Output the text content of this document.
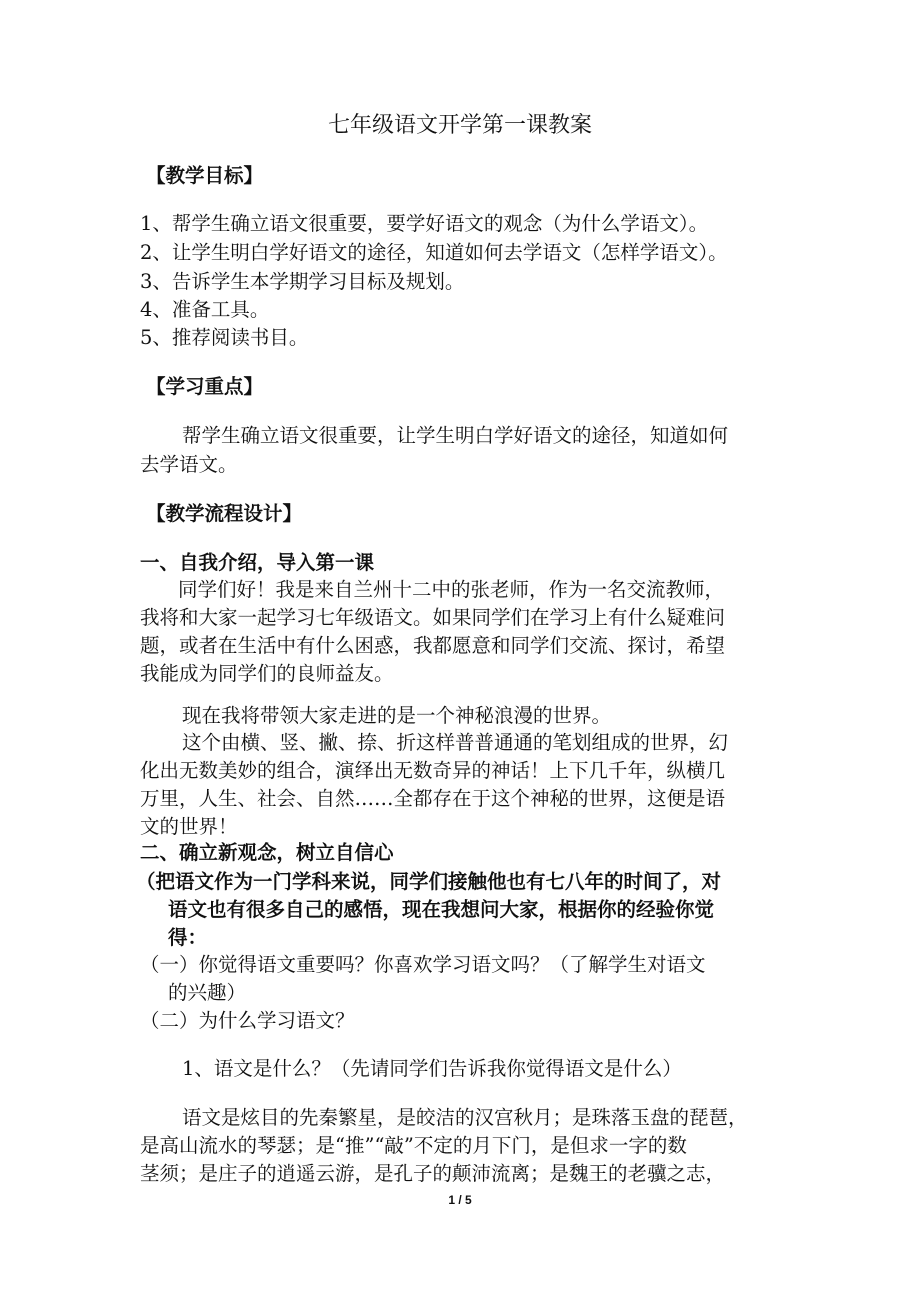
七年级语文开学第一课教案
【教学目标】
1、帮学生确立语文很重要，要学好语文的观念（为什么学语文）。
2、让学生明白学好语文的途径，知道如何去学语文（怎样学语文）。
3、告诉学生本学期学习目标及规划。
4、准备工具。
5、推荐阅读书目。
【学习重点】
帮学生确立语文很重要，让学生明白学好语文的途径，知道如何
去学语文。
【教学流程设计】
一、自我介绍，导入第一课
同学们好！我是来自兰州十二中的张老师，作为一名交流教师，
我将和大家一起学习七年级语文。如果同学们在学习上有什么疑难问
题，或者在生活中有什么困惑，我都愿意和同学们交流、探讨，希望
我能成为同学们的良师益友。
现在我将带领大家走进的是一个神秘浪漫的世界。
这个由横、竖、撇、捺、折这样普普通通的笔划组成的世界，幻
化出无数美妙的组合，演绎出无数奇异的神话！上下几千年，纵横几
万里，人生、社会、自然……全都存在于这个神秘的世界，这便是语
文的世界！
二、确立新观念，树立自信心
（把语文作为一门学科来说，同学们接触他也有七八年的时间了，对
语文也有很多自己的感悟，现在我想问大家，根据你的经验你觉
得：
（一）你觉得语文重要吗？你喜欢学习语文吗？（了解学生对语文
的兴趣）
（二）为什么学习语文？
1、语文是什么？（先请同学们告诉我你觉得语文是什么）
语文是炫目的先秦繁星，是皎洁的汉宫秋月；是珠落玉盘的琵琶，
是高山流水的琴瑟；是“推”“敲”不定的月下门，是但求一字的数
茎须；是庄子的逍遥云游，是孔子的颠沛流离；是魏王的老骥之志，
1 / 5
